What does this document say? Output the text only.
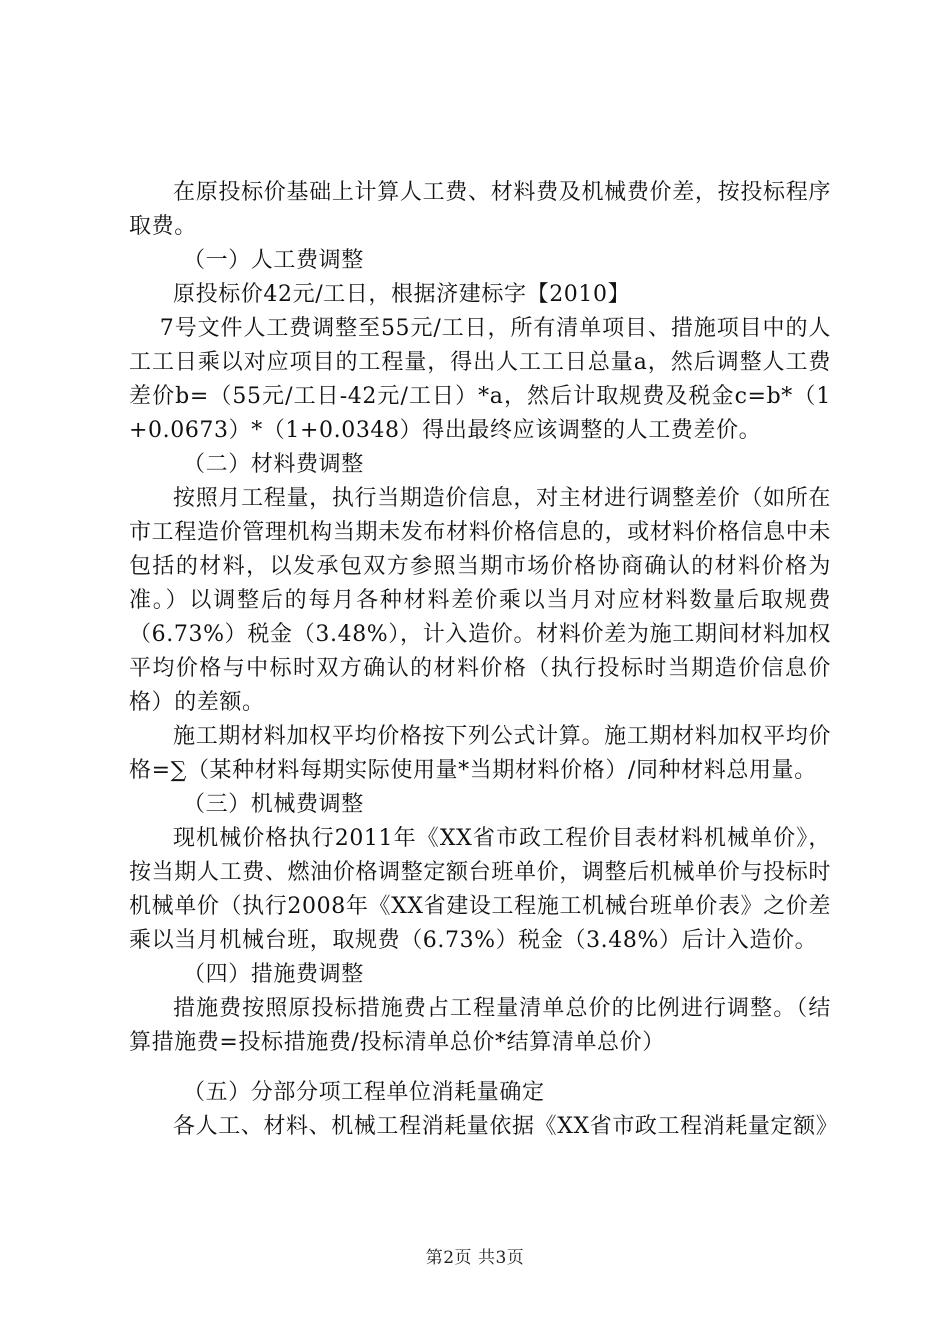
在原投标价基础上计算人工费、材料费及机械费价差，按投标程序取费。

（一）人工费调整

原投标价42元/工日，根据济建标字【2010】

7号文件人工费调整至55元/工日，所有清单项目、措施项目中的人工工日乘以对应项目的工程量，得出人工工日总量a，然后调整人工费差价b=（55元/工日-42元/工日）*a，然后计取规费及税金c=b*（1+0.0673）*（1+0.0348）得出最终应该调整的人工费差价。

（二）材料费调整

按照月工程量，执行当期造价信息，对主材进行调整差价（如所在市工程造价管理机构当期未发布材料价格信息的，或材料价格信息中未包括的材料，以发承包双方参照当期市场价格协商确认的材料价格为准。）以调整后的每月各种材料差价乘以当月对应材料数量后取规费（6.73%）税金（3.48%），计入造价。材料价差为施工期间材料加权平均价格与中标时双方确认的材料价格（执行投标时当期造价信息价格）的差额。

施工期材料加权平均价格按下列公式计算。施工期材料加权平均价格=∑（某种材料每期实际使用量*当期材料价格）/同种材料总用量。

（三）机械费调整

现机械价格执行2011年《XX省市政工程价目表材料机械单价》，按当期人工费、燃油价格调整定额台班单价，调整后机械单价与投标时机械单价（执行2008年《XX省建设工程施工机械台班单价表》之价差乘以当月机械台班，取规费（6.73%）税金（3.48%）后计入造价。

（四）措施费调整

措施费按照原投标措施费占工程量清单总价的比例进行调整。（结算措施费=投标措施费/投标清单总价*结算清单总价）

（五）分部分项工程单位消耗量确定

各人工、材料、机械工程消耗量依据《XX省市政工程消耗量定额》

第2页 共3页
